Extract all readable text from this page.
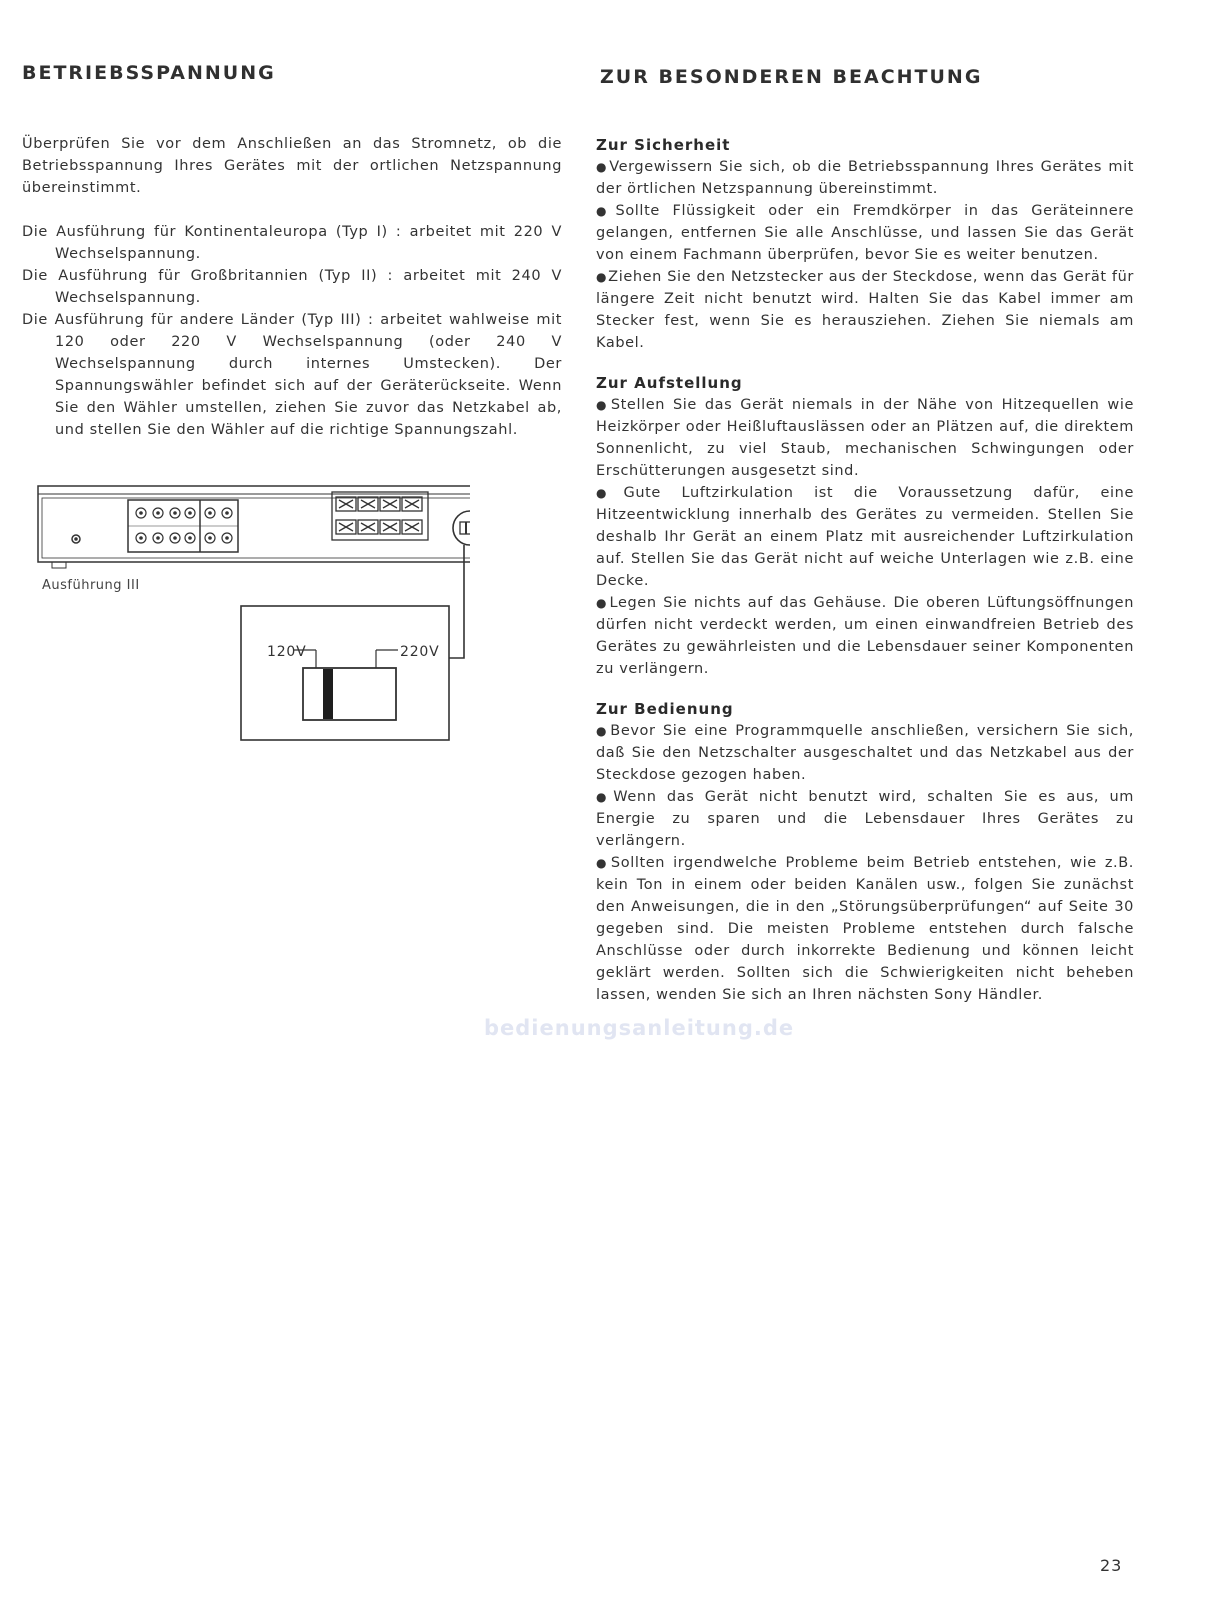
BETRIEBSSPANNUNG	ZUR BESONDEREN BEACHTUNG

Überprüfen Sie vor dem Anschließen an das Stromnetz, ob die Betriebsspannung Ihres Gerätes mit der ortlichen Netzspannung übereinstimmt.

Die Ausführung für Kontinentaleuropa (Typ I) : arbeitet mit 220 V Wechselspannung.

Die Ausführung für Großbritannien (Typ II) : arbeitet mit 240 V Wechselspannung.

Die Ausführung für andere Länder (Typ III) : arbeitet wahlweise mit 120 oder 220 V Wechselspannung (oder 240 V Wechselspannung durch internes Umstecken). Der Spannungswähler befindet sich auf der Geräterückseite. Wenn Sie den Wähler umstellen, ziehen Sie zuvor das Netzkabel ab, und stellen Sie den Wähler auf die richtige Spannungszahl.

120V	220V
Ausführung III
Zur Sicherheit

●Vergewissern Sie sich, ob die Betriebsspannung Ihres Gerätes mit der örtlichen Netzspannung übereinstimmt.

●Sollte Flüssigkeit oder ein Fremdkörper in das Geräteinnere gelangen, entfernen Sie alle Anschlüsse, und lassen Sie das Gerät von einem Fachmann überprüfen, bevor Sie es weiter benutzen.

●Ziehen Sie den Netzstecker aus der Steckdose, wenn das Gerät für längere Zeit nicht benutzt wird. Halten Sie das Kabel immer am Stecker fest, wenn Sie es herausziehen. Ziehen Sie niemals am Kabel.

Zur Aufstellung

●Stellen Sie das Gerät niemals in der Nähe von Hitzequellen wie Heizkörper oder Heißluftauslässen oder an Plätzen auf, die direktem Sonnenlicht, zu viel Staub, mechanischen Schwingungen oder Erschütterungen ausgesetzt sind.

●Gute Luftzirkulation ist die Voraussetzung dafür, eine Hitzeentwicklung innerhalb des Gerätes zu vermeiden. Stellen Sie deshalb Ihr Gerät an einem Platz mit ausreichender Luftzirkulation auf. Stellen Sie das Gerät nicht auf weiche Unterlagen wie z.B. eine Decke.

●Legen Sie nichts auf das Gehäuse. Die oberen Lüftungsöffnungen dürfen nicht verdeckt werden, um einen einwandfreien Betrieb des Gerätes zu gewährleisten und die Lebensdauer seiner Komponenten zu verlängern.

Zur Bedienung

●Bevor Sie eine Programmquelle anschließen, versichern Sie sich, daß Sie den Netzschalter ausgeschaltet und das Netzkabel aus der Steckdose gezogen haben.

●Wenn das Gerät nicht benutzt wird, schalten Sie es aus, um Energie zu sparen und die Lebensdauer Ihres Gerätes zu verlängern.

●Sollten irgendwelche Probleme beim Betrieb entstehen, wie z.B. kein Ton in einem oder beiden Kanälen usw., folgen Sie zunächst den Anweisungen, die in den „Störungsüberprüfungen“ auf Seite 30 gegeben sind. Die meisten Probleme entstehen durch falsche Anschlüsse oder durch inkorrekte Bedienung und können leicht geklärt werden. Sollten sich die Schwierigkeiten nicht beheben lassen, wenden Sie sich an Ihren nächsten Sony Händler.

bedienungsanleitung.de
23
